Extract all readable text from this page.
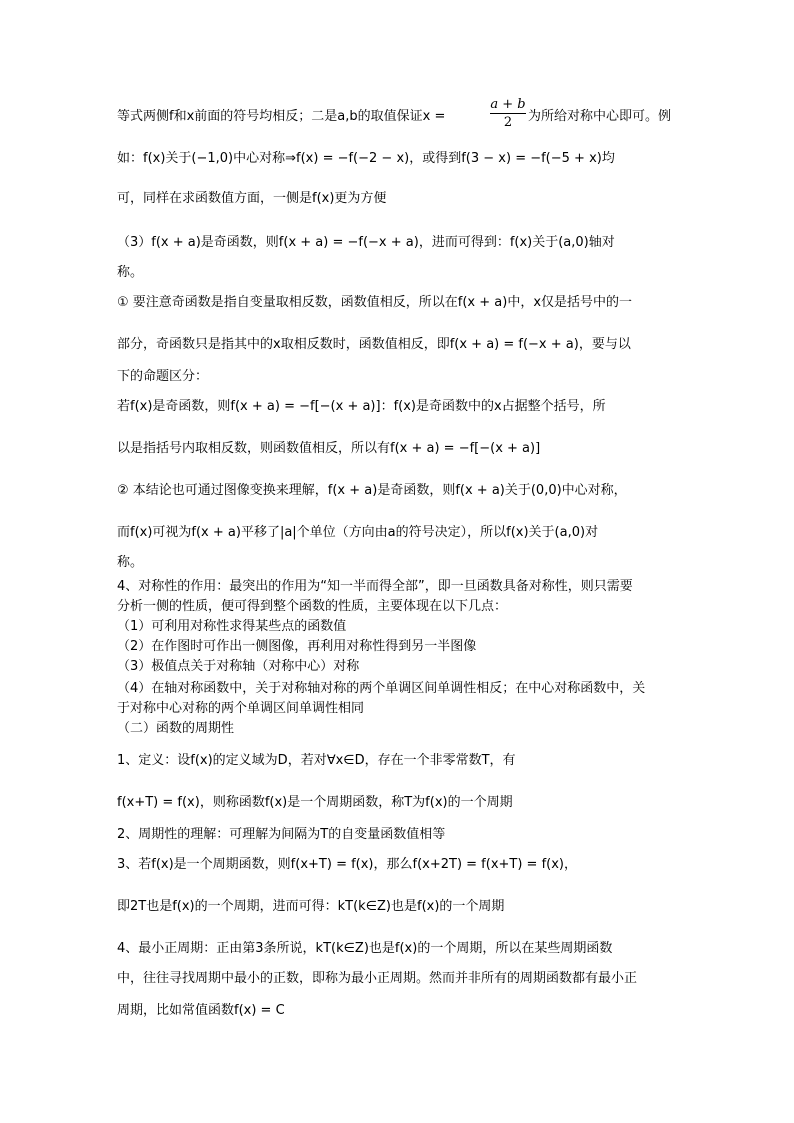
等式两侧f和x前面的符号均相反；二是a,b的取值保证x =
a + b
2	为所给对称中心即可。例
如：f(x)关于(−1,0)中心对称⇒f(x) = −f(−2 − x)，或得到f(3 − x) = −f(−5 + x)均
可，同样在求函数值方面，一侧是f(x)更为方便
（3）f(x + a)是奇函数，则f(x + a) = −f(−x + a)，进而可得到：f(x)关于(a,0)轴对
称。
① 要注意奇函数是指自变量取相反数，函数值相反，所以在f(x + a)中，x仅是括号中的一
部分，奇函数只是指其中的x取相反数时，函数值相反，即f(x + a) = f(−x + a)，要与以
下的命题区分：
若f(x)是奇函数，则f(x + a) = −f[−(x + a)]：f(x)是奇函数中的x占据整个括号，所
以是指括号内取相反数，则函数值相反，所以有f(x + a) = −f[−(x + a)]
② 本结论也可通过图像变换来理解，f(x + a)是奇函数，则f(x + a)关于(0,0)中心对称，
而f(x)可视为f(x + a)平移了|a|个单位（方向由a的符号决定），所以f(x)关于(a,0)对
称。
4、对称性的作用：最突出的作用为“知一半而得全部”，即一旦函数具备对称性，则只需要
分析一侧的性质，便可得到整个函数的性质，主要体现在以下几点：
（1）可利用对称性求得某些点的函数值
（2）在作图时可作出一侧图像，再利用对称性得到另一半图像
（3）极值点关于对称轴（对称中心）对称
（4）在轴对称函数中，关于对称轴对称的两个单调区间单调性相反；在中心对称函数中，关
于对称中心对称的两个单调区间单调性相同
（二）函数的周期性
1、定义：设f(x)的定义域为D，若对∀x∈D，存在一个非零常数T，有
f(x+T) = f(x)，则称函数f(x)是一个周期函数，称T为f(x)的一个周期
2、周期性的理解：可理解为间隔为T的自变量函数值相等
3、若f(x)是一个周期函数，则f(x+T) = f(x)，那么f(x+2T) = f(x+T) = f(x)，
即2T也是f(x)的一个周期，进而可得：kT(k∈Z)也是f(x)的一个周期
4、最小正周期：正由第3条所说，kT(k∈Z)也是f(x)的一个周期，所以在某些周期函数
中，往往寻找周期中最小的正数，即称为最小正周期。然而并非所有的周期函数都有最小正
周期，比如常值函数f(x) = C
